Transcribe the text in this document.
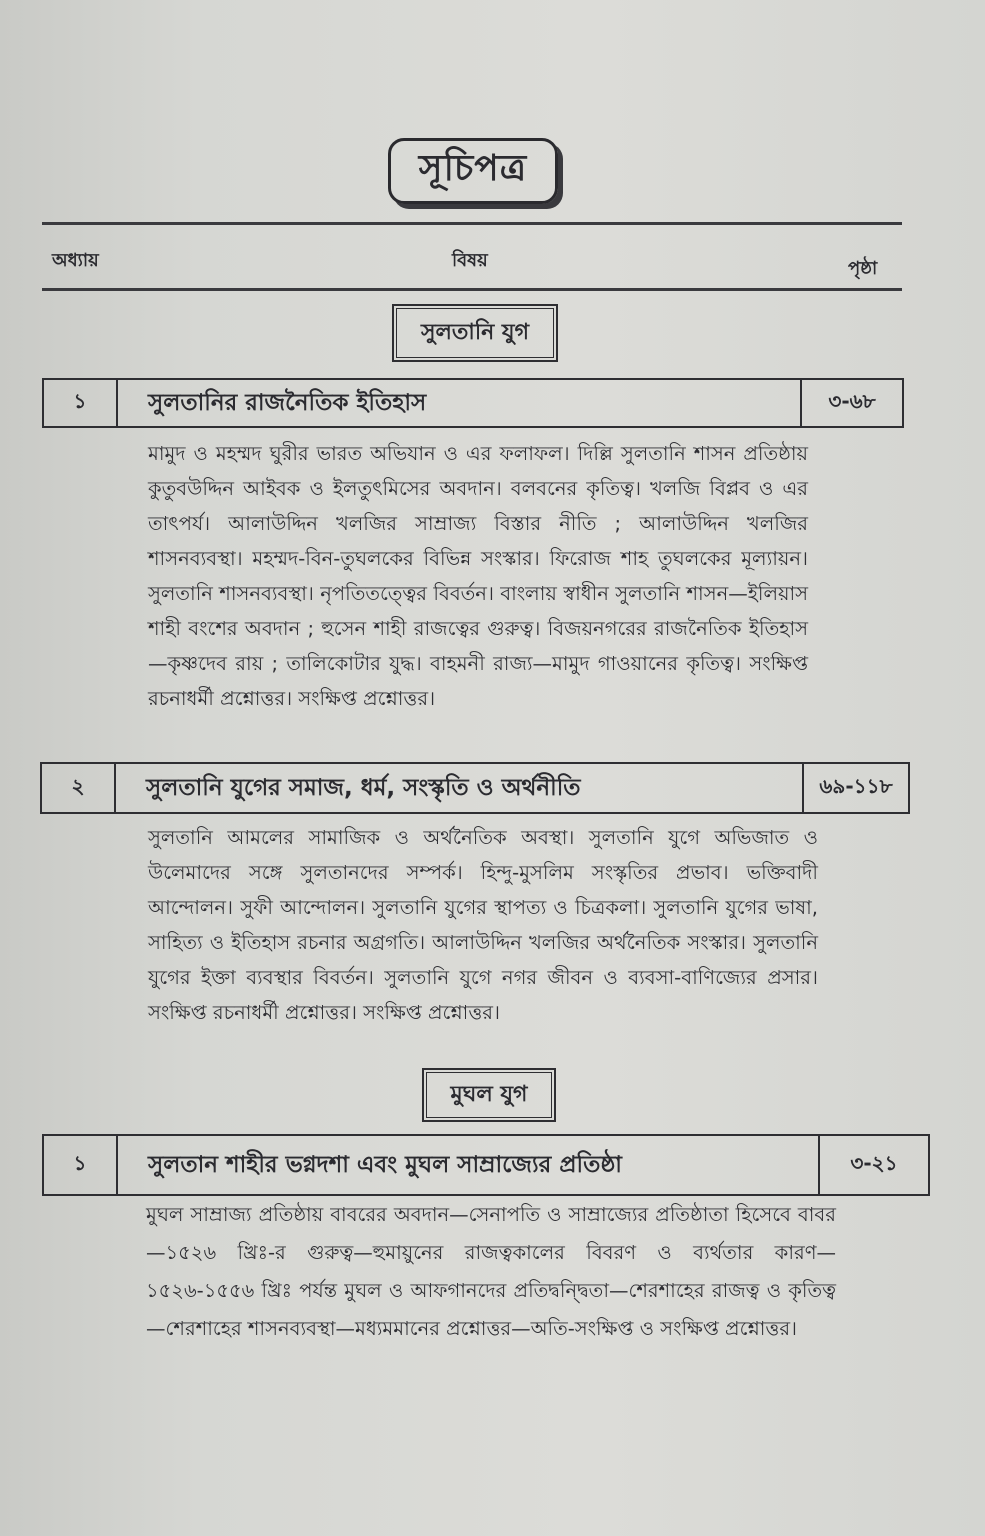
সূচিপত্র
অধ্যায়	বিষয়	পৃষ্ঠা
সুলতানি যুগ
১	সুলতানির রাজনৈতিক ইতিহাস	৩-৬৮
মামুদ ও মহম্মদ ঘুরীর ভারত অভিযান ও এর ফলাফল। দিল্লি সুলতানি শাসন প্রতিষ্ঠায় কুতুবউদ্দিন আইবক ও ইলতুৎমিসের অবদান। বলবনের কৃতিত্ব। খলজি বিপ্লব ও এর তাৎপর্য। আলাউদ্দিন খলজির সাম্রাজ্য বিস্তার নীতি ; আলাউদ্দিন খলজির শাসনব্যবস্থা। মহম্মদ-বিন-তুঘলকের বিভিন্ন সংস্কার। ফিরোজ শাহ তুঘলকের মূল্যায়ন। সুলতানি শাসনব্যবস্থা। নৃপতিতত্ত্বের বিবর্তন। বাংলায় স্বাধীন সুলতানি শাসন—ইলিয়াস শাহী বংশের অবদান ; হুসেন শাহী রাজত্বের গুরুত্ব। বিজয়নগরের রাজনৈতিক ইতিহাস—কৃষ্ণদেব রায় ; তালিকোটার যুদ্ধ। বাহমনী রাজ্য—মামুদ গাওয়ানের কৃতিত্ব। সংক্ষিপ্ত রচনাধর্মী প্রশ্নোত্তর। সংক্ষিপ্ত প্রশ্নোত্তর।
২	সুলতানি যুগের সমাজ, ধর্ম, সংস্কৃতি ও অর্থনীতি	৬৯-১১৮
সুলতানি আমলের সামাজিক ও অর্থনৈতিক অবস্থা। সুলতানি যুগে অভিজাত ও উলেমাদের সঙ্গে সুলতানদের সম্পর্ক। হিন্দু-মুসলিম সংস্কৃতির প্রভাব। ভক্তিবাদী আন্দোলন। সুফী আন্দোলন। সুলতানি যুগের স্থাপত্য ও চিত্রকলা। সুলতানি যুগের ভাষা, সাহিত্য ও ইতিহাস রচনার অগ্রগতি। আলাউদ্দিন খলজির অর্থনৈতিক সংস্কার। সুলতানি যুগের ইক্তা ব্যবস্থার বিবর্তন। সুলতানি যুগে নগর জীবন ও ব্যবসা-বাণিজ্যের প্রসার। সংক্ষিপ্ত রচনাধর্মী প্রশ্নোত্তর। সংক্ষিপ্ত প্রশ্নোত্তর।
মুঘল যুগ
১	সুলতান শাহীর ভগ্নদশা এবং মুঘল সাম্রাজ্যের প্রতিষ্ঠা	৩-২১
মুঘল সাম্রাজ্য প্রতিষ্ঠায় বাবরের অবদান—সেনাপতি ও সাম্রাজ্যের প্রতিষ্ঠাতা হিসেবে বাবর—১৫২৬ খ্রিঃ-র গুরুত্ব—হুমায়ুনের রাজত্বকালের বিবরণ ও ব্যর্থতার কারণ—১৫২৬-১৫৫৬ খ্রিঃ পর্যন্ত মুঘল ও আফগানদের প্রতিদ্বন্দ্বিতা—শেরশাহের রাজত্ব ও কৃতিত্ব—শেরশাহের শাসনব্যবস্থা—মধ্যমমানের প্রশ্নোত্তর—অতি-সংক্ষিপ্ত ও সংক্ষিপ্ত প্রশ্নোত্তর।
